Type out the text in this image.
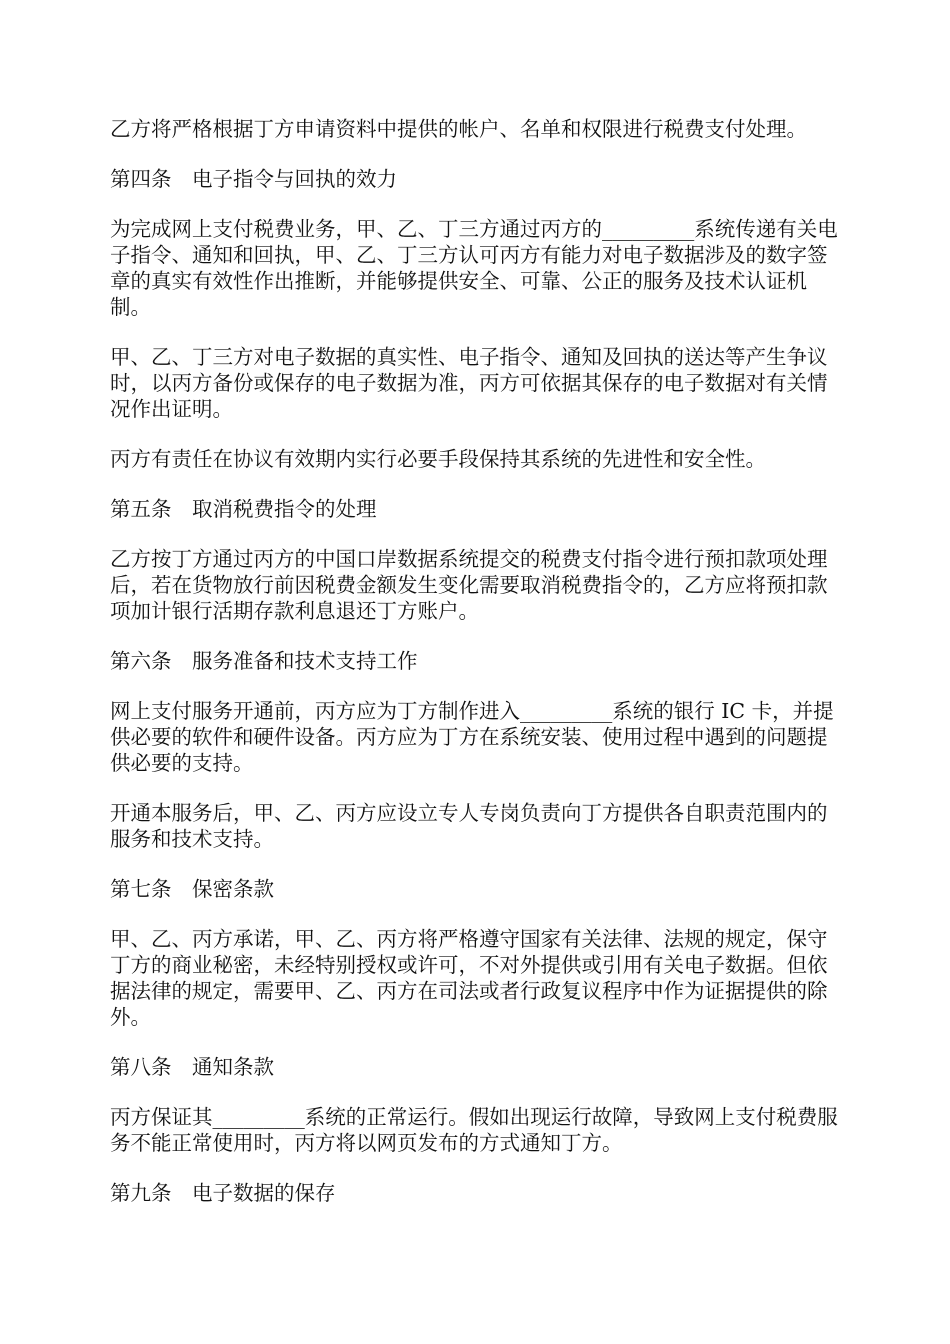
乙方将严格根据丁方申请资料中提供的帐户、名单和权限进行税费支付处理。

第四条　电子指令与回执的效力

为完成网上支付税费业务，甲、乙、丁三方通过丙方的_________系统传递有关电子指令、通知和回执，甲、乙、丁三方认可丙方有能力对电子数据涉及的数字签章的真实有效性作出推断，并能够提供安全、可靠、公正的服务及技术认证机制。

甲、乙、丁三方对电子数据的真实性、电子指令、通知及回执的送达等产生争议时，以丙方备份或保存的电子数据为准，丙方可依据其保存的电子数据对有关情况作出证明。

丙方有责任在协议有效期内实行必要手段保持其系统的先进性和安全性。

第五条　取消税费指令的处理

乙方按丁方通过丙方的中国口岸数据系统提交的税费支付指令进行预扣款项处理后，若在货物放行前因税费金额发生变化需要取消税费指令的，乙方应将预扣款项加计银行活期存款利息退还丁方账户。

第六条　服务准备和技术支持工作

网上支付服务开通前，丙方应为丁方制作进入_________系统的银行 IC 卡，并提供必要的软件和硬件设备。丙方应为丁方在系统安装、使用过程中遇到的问题提供必要的支持。

开通本服务后，甲、乙、丙方应设立专人专岗负责向丁方提供各自职责范围内的服务和技术支持。

第七条　保密条款

甲、乙、丙方承诺，甲、乙、丙方将严格遵守国家有关法律、法规的规定，保守丁方的商业秘密，未经特别授权或许可，不对外提供或引用有关电子数据。但依据法律的规定，需要甲、乙、丙方在司法或者行政复议程序中作为证据提供的除外。

第八条　通知条款

丙方保证其_________系统的正常运行。假如出现运行故障，导致网上支付税费服务不能正常使用时，丙方将以网页发布的方式通知丁方。

第九条　电子数据的保存
